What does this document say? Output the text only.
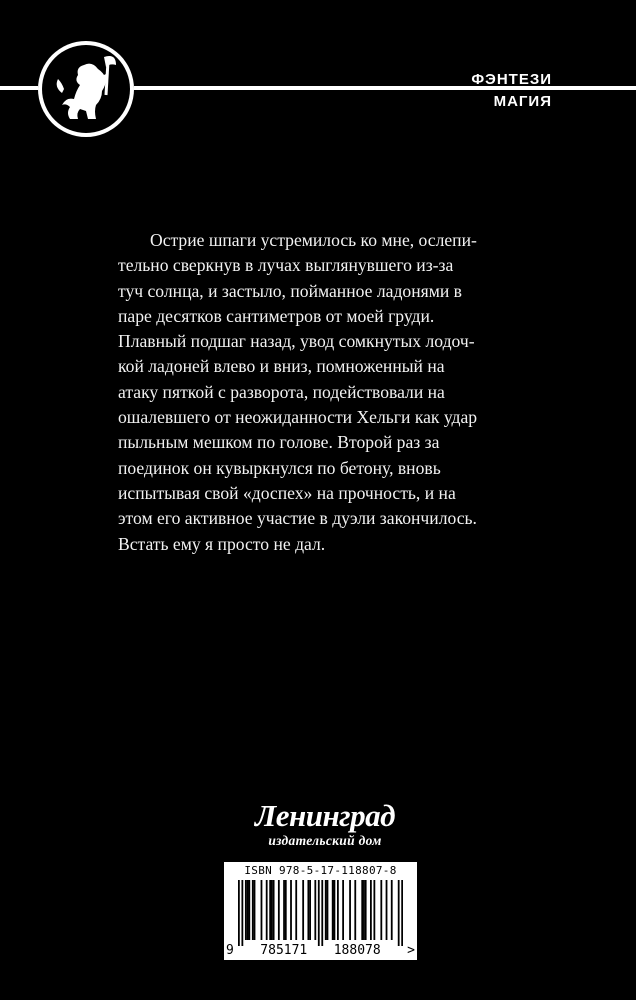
ФЭНТЕЗИ
МАГИЯ

Острие шпаги устремилось ко мне, ослепи-
тельно сверкнув в лучах выглянувшего из-за
туч солнца, и застыло, пойманное ладонями в
паре десятков сантиметров от моей груди.
Плавный подшаг назад, увод сомкнутых лодоч-
кой ладоней влево и вниз, помноженный на
атаку пяткой с разворота, подействовали на
ошалевшего от неожиданности Хельги как удар
пыльным мешком по голове. Второй раз за
поединок он кувыркнулся по бетону, вновь
испытывая свой «доспех» на прочность, и на
этом его активное участие в дуэли закончилось.
Встать ему я просто не дал.

Ленинград
издательский дом
ISBN 978-5-17-118807-8
9 785171 188078 >
